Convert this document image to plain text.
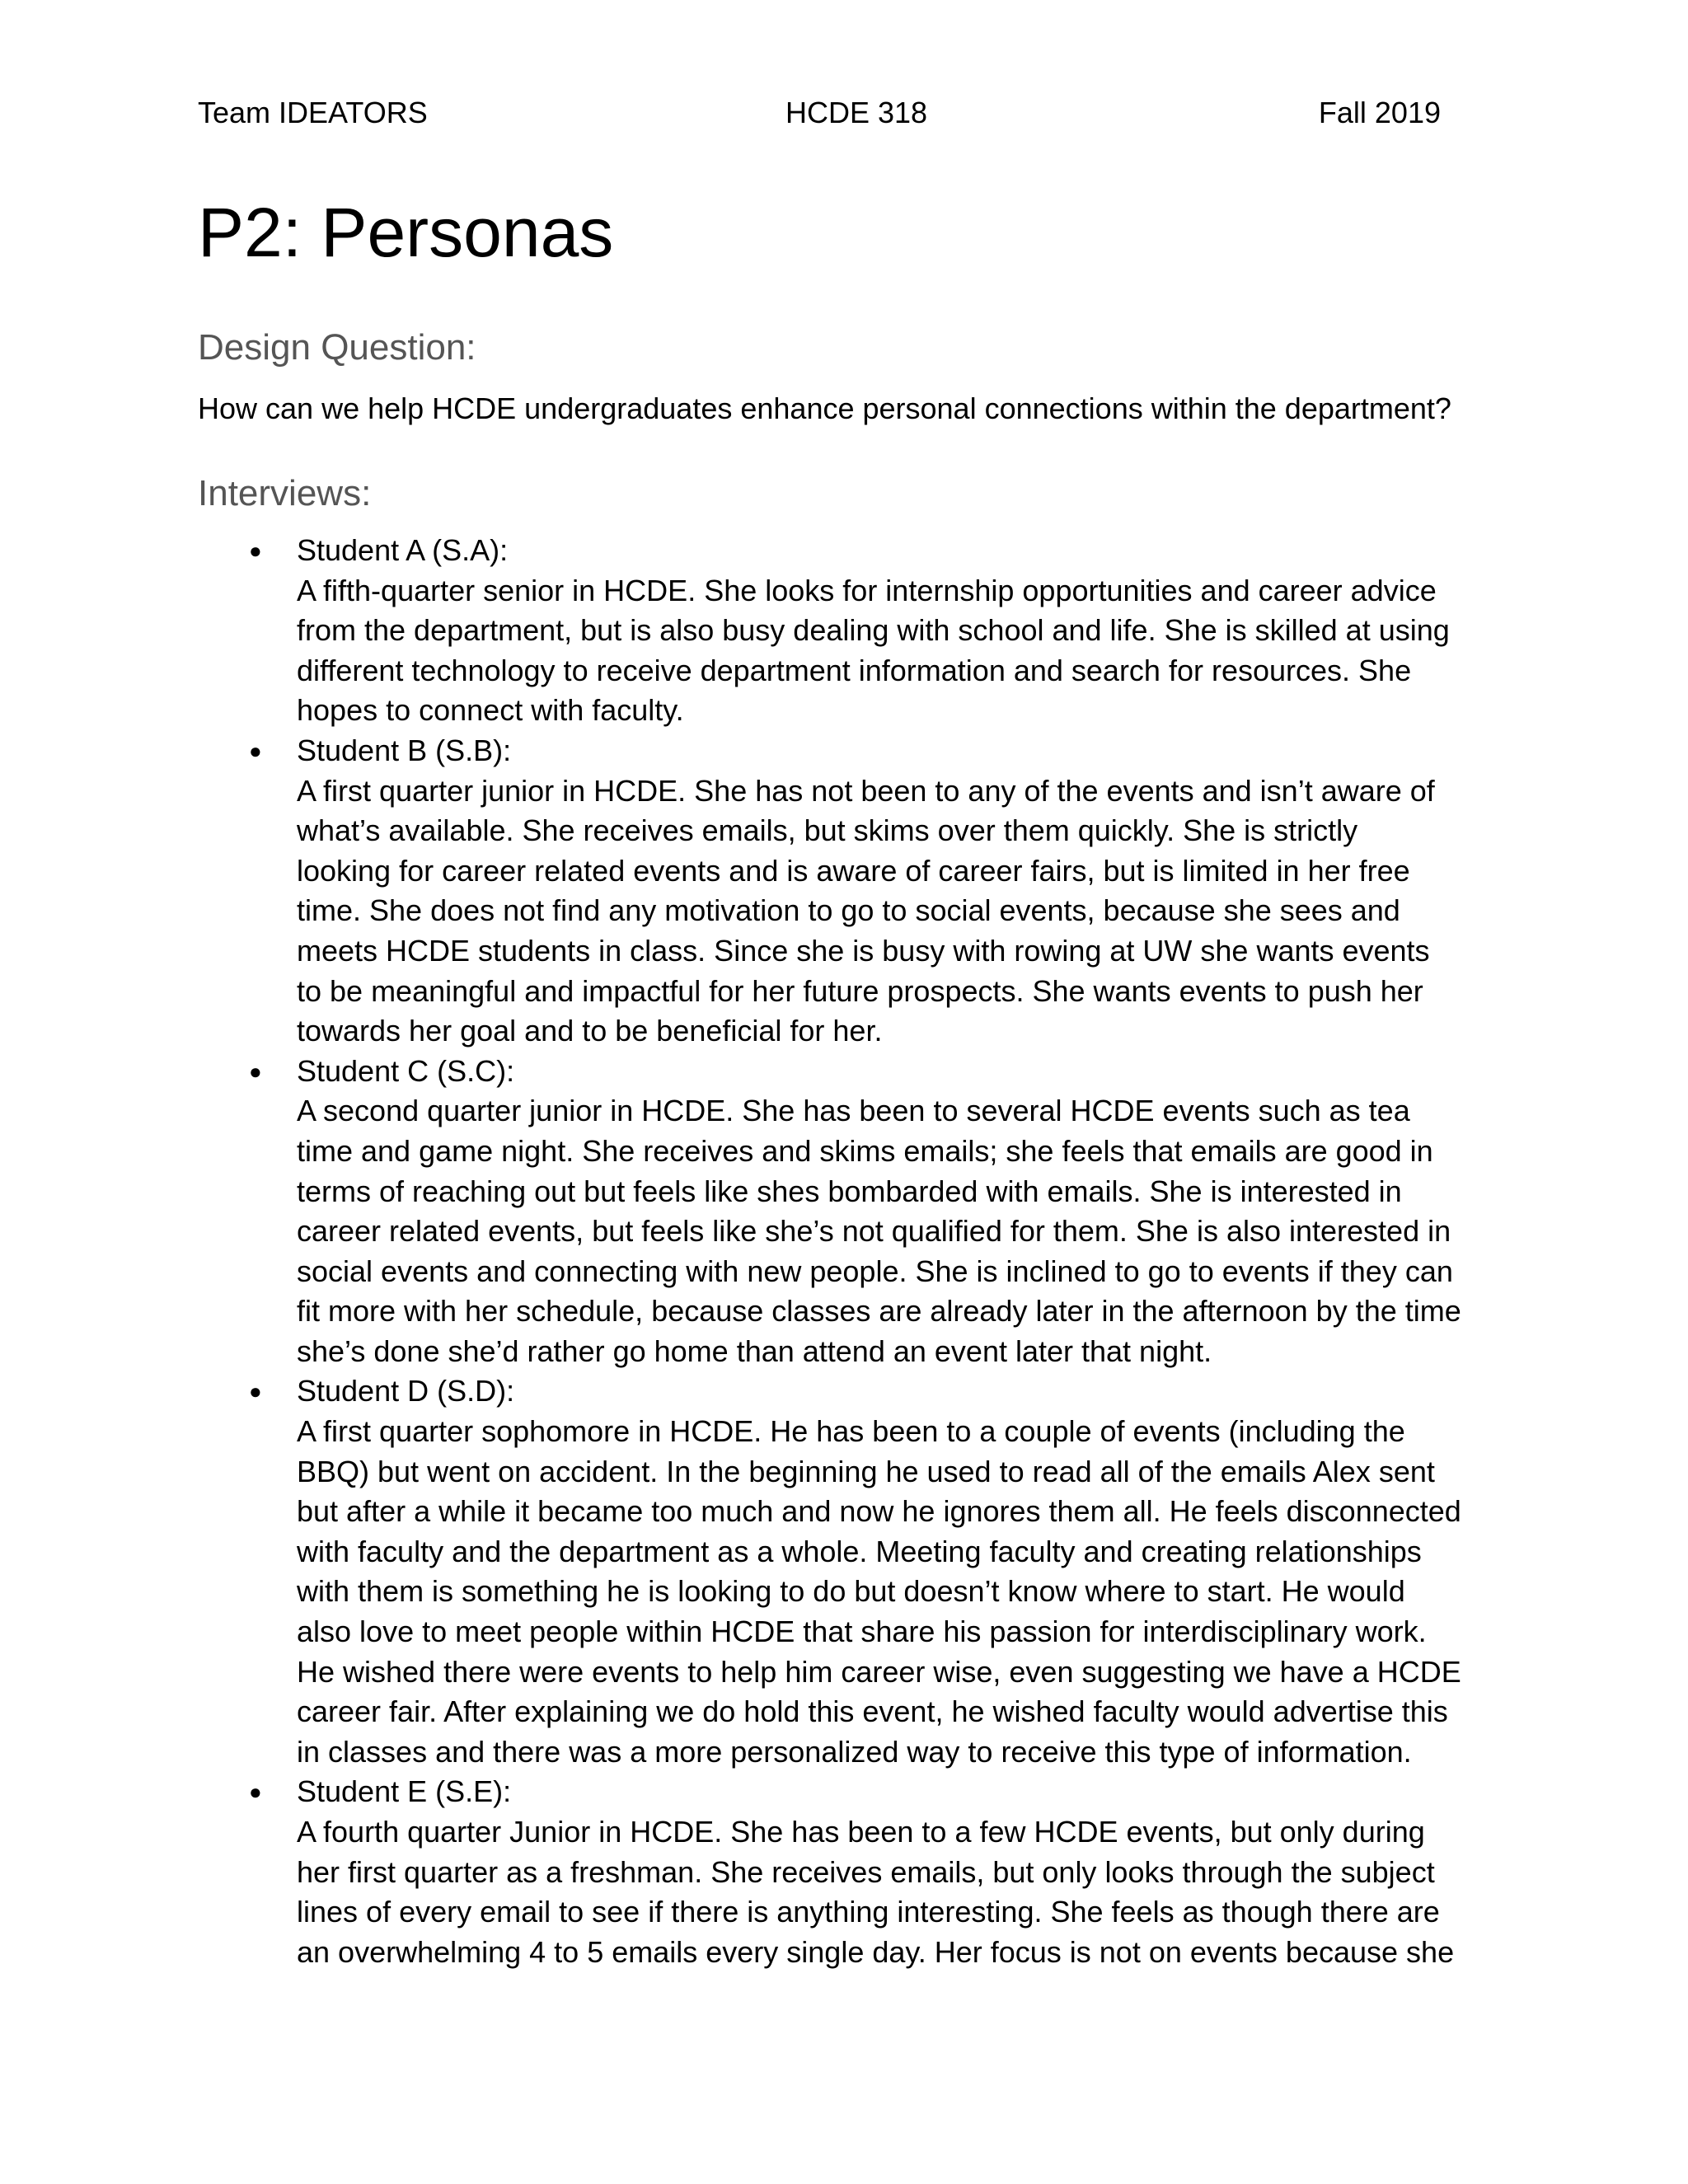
Team IDEATORS	HCDE 318	Fall 2019
P2: Personas
Design Question:
How can we help HCDE undergraduates enhance personal connections within the department?
Interviews:
● Student A (S.A):
A fifth-quarter senior in HCDE. She looks for internship opportunities and career advice
from the department, but is also busy dealing with school and life. She is skilled at using
different technology to receive department information and search for resources. She
hopes to connect with faculty.
● Student B (S.B):
A first quarter junior in HCDE. She has not been to any of the events and isn’t aware of
what’s available. She receives emails, but skims over them quickly. She is strictly
looking for career related events and is aware of career fairs, but is limited in her free
time. She does not find any motivation to go to social events, because she sees and
meets HCDE students in class. Since she is busy with rowing at UW she wants events
to be meaningful and impactful for her future prospects. She wants events to push her
towards her goal and to be beneficial for her.
● Student C (S.C):
A second quarter junior in HCDE. She has been to several HCDE events such as tea
time and game night. She receives and skims emails; she feels that emails are good in
terms of reaching out but feels like shes bombarded with emails. She is interested in
career related events, but feels like she’s not qualified for them. She is also interested in
social events and connecting with new people. She is inclined to go to events if they can
fit more with her schedule, because classes are already later in the afternoon by the time
she’s done she’d rather go home than attend an event later that night.
● Student D (S.D):
A first quarter sophomore in HCDE. He has been to a couple of events (including the
BBQ) but went on accident. In the beginning he used to read all of the emails Alex sent
but after a while it became too much and now he ignores them all. He feels disconnected
with faculty and the department as a whole. Meeting faculty and creating relationships
with them is something he is looking to do but doesn’t know where to start. He would
also love to meet people within HCDE that share his passion for interdisciplinary work.
He wished there were events to help him career wise, even suggesting we have a HCDE
career fair. After explaining we do hold this event, he wished faculty would advertise this
in classes and there was a more personalized way to receive this type of information.
● Student E (S.E):
A fourth quarter Junior in HCDE. She has been to a few HCDE events, but only during
her first quarter as a freshman. She receives emails, but only looks through the subject
lines of every email to see if there is anything interesting. She feels as though there are
an overwhelming 4 to 5 emails every single day. Her focus is not on events because she
